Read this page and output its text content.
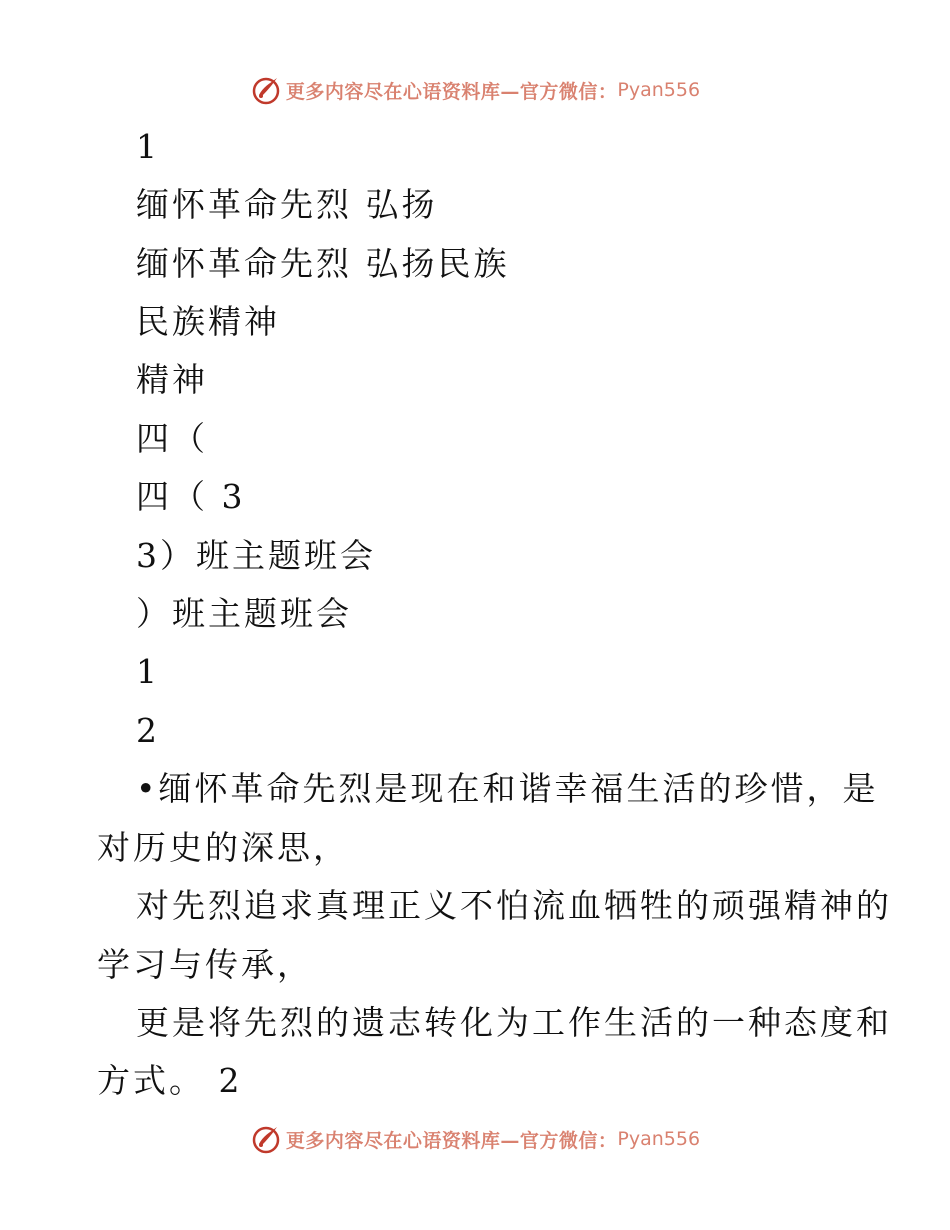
更多内容尽在心语资料库—官方微信： Pyan556
1
缅怀革命先烈 弘扬
缅怀革命先烈 弘扬民族
民族精神
精神
四（
四（ 3
3）班主题班会
）班主题班会
1
2
•缅怀革命先烈是现在和谐幸福生活的珍惜，是
对历史的深思，
对先烈追求真理正义不怕流血牺牲的顽强精神的
学习与传承，
更是将先烈的遗志转化为工作生活的一种态度和
方式。 2
更多内容尽在心语资料库—官方微信： Pyan556
